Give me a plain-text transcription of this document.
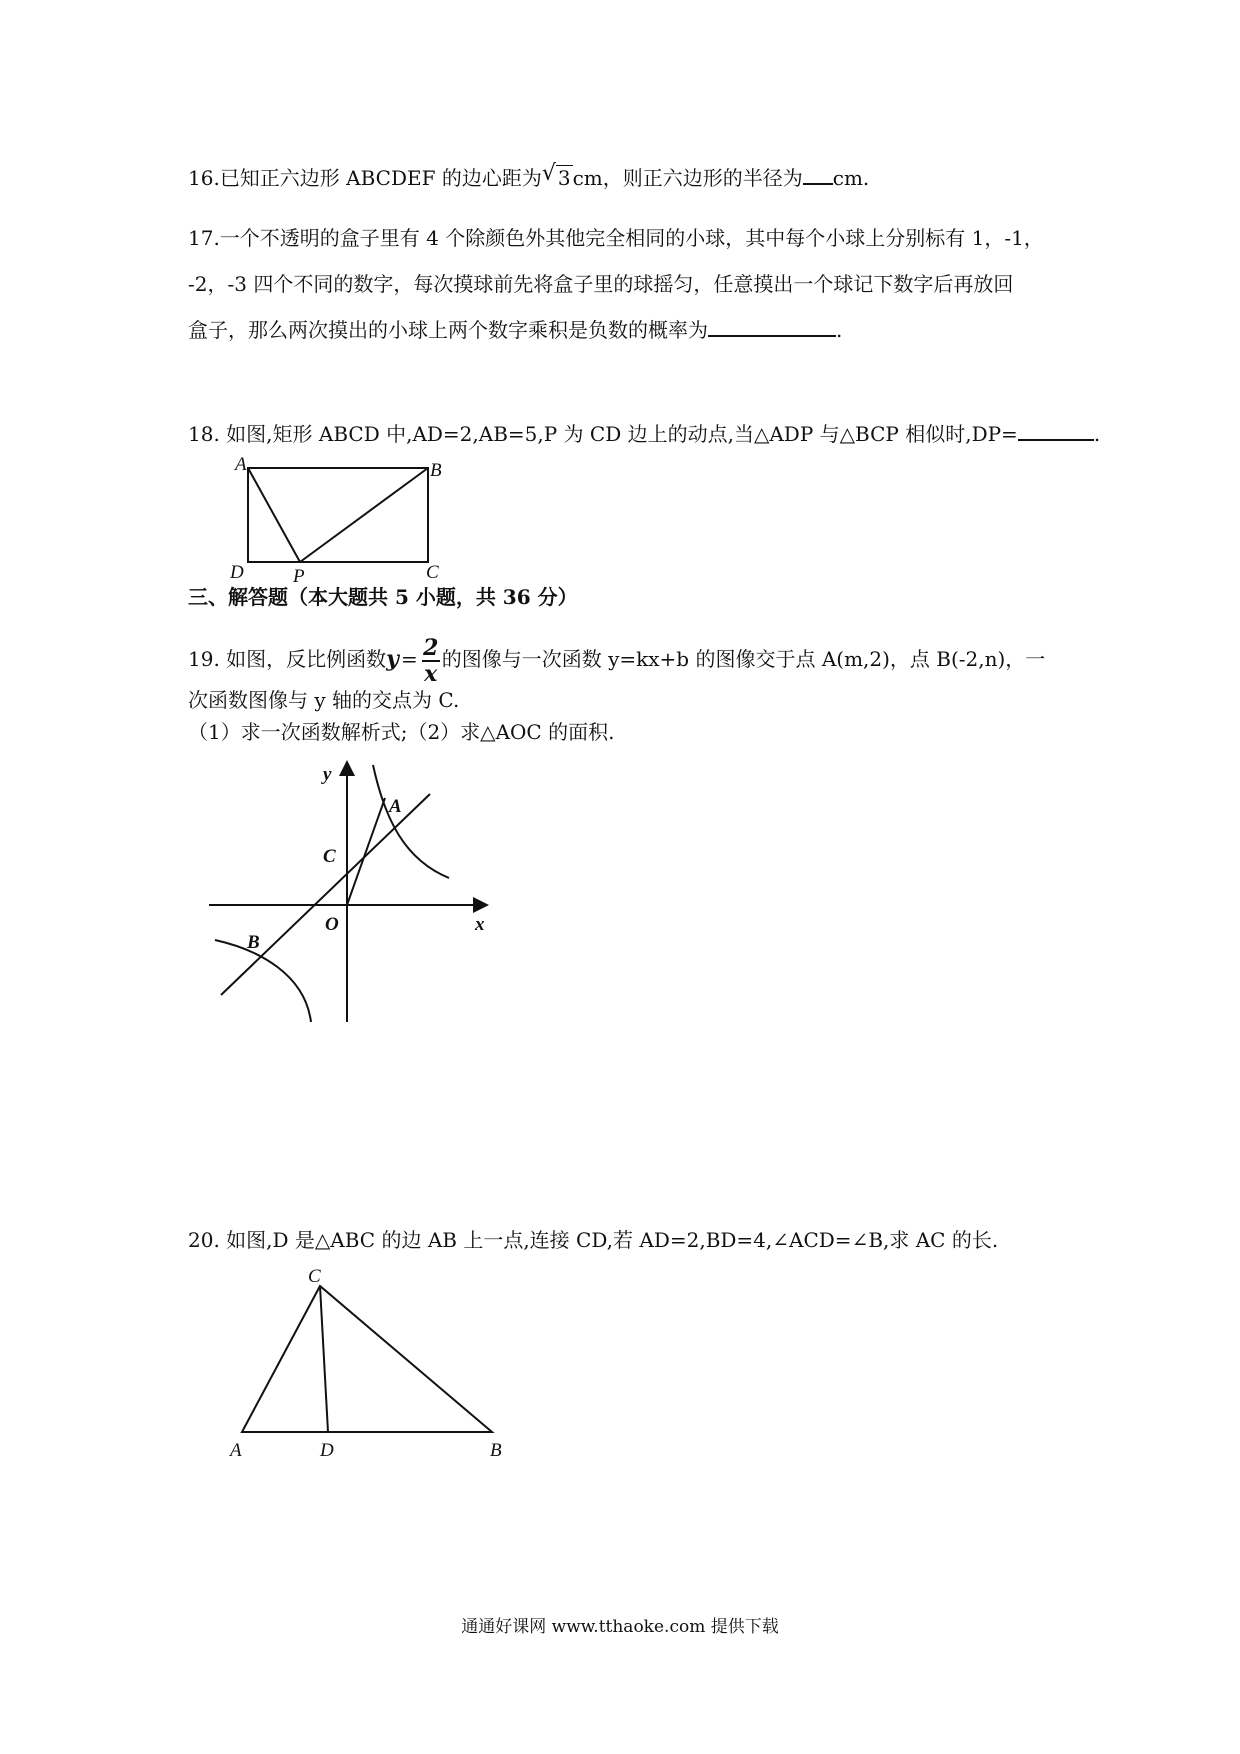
16.已知正六边形 ABCDEF 的边心距为 √ 3 cm，则正六边形的半径为 cm.
17.一个不透明的盒子里有 4 个除颜色外其他完全相同的小球，其中每个小球上分别标有 1，-1，
-2，-3 四个不同的数字，每次摸球前先将盒子里的球摇匀，任意摸出一个球记下数字后再放回
盒子，那么两次摸出的小球上两个数字乘积是负数的概率为	.
18. 如图,矩形 ABCD 中,AD=2,AB=5,P 为 CD 边上的动点,当△ADP 与△BCP 相似时,DP=	.
A	B
D	P	C
三、解答题（本大题共 5 小题，共 36 分）
19. 如图，反比例函数$y = \frac{2}{x}$ 的图像与一次函数 y=kx+b 的图像交于点 A(m,2)，点 B(-2,n)，一
次函数图像与 y 轴的交点为 C.
（1）求一次函数解析式;（2）求△AOC 的面积.
y
x
O
A
C
B
20. 如图,D 是△ABC 的边 AB 上一点,连接 CD,若 AD=2,BD=4,∠ACD=∠B,求 AC 的长.
C
A	D	B
通通好课网 www.tthaoke.com 提供下载
